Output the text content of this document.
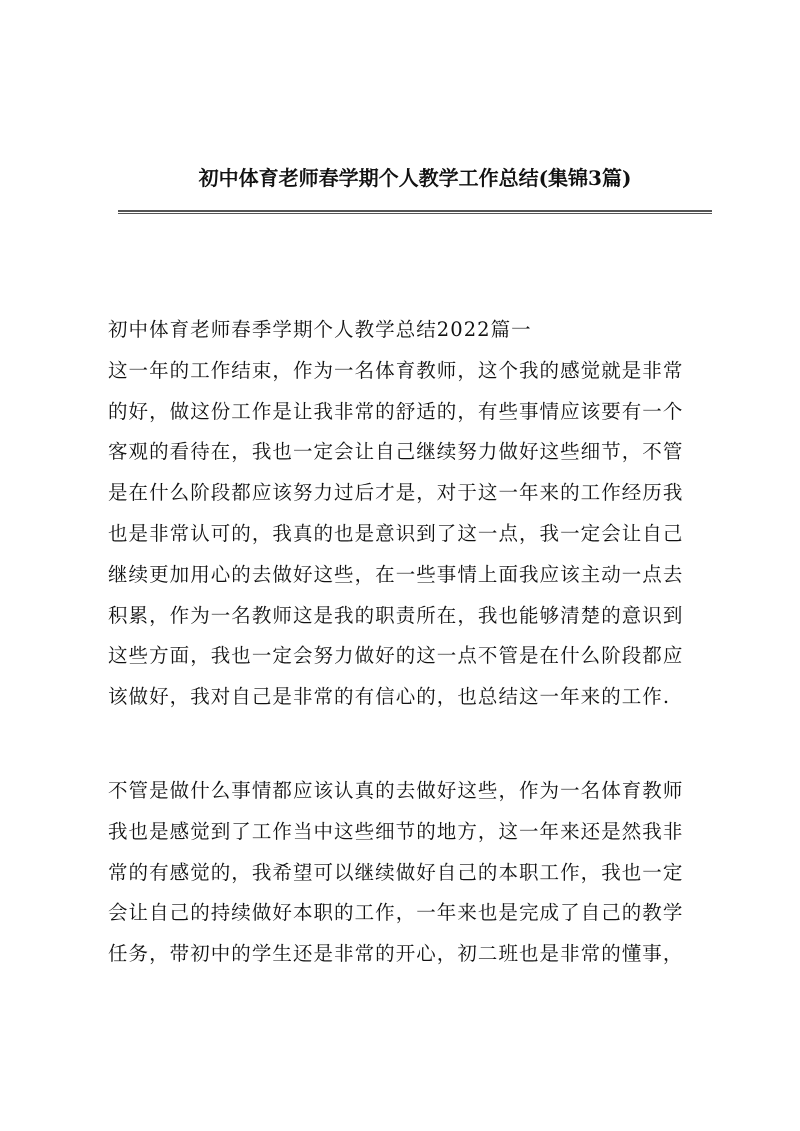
初中体育老师春学期个人教学工作总结(集锦3篇)
初中体育老师春季学期个人教学总结2022篇一
这一年的工作结束，作为一名体育教师，这个我的感觉就是非常
的好，做这份工作是让我非常的舒适的，有些事情应该要有一个
客观的看待在，我也一定会让自己继续努力做好这些细节，不管
是在什么阶段都应该努力过后才是，对于这一年来的工作经历我
也是非常认可的，我真的也是意识到了这一点，我一定会让自己
继续更加用心的去做好这些，在一些事情上面我应该主动一点去
积累，作为一名教师这是我的职责所在，我也能够清楚的意识到
这些方面，我也一定会努力做好的这一点不管是在什么阶段都应
该做好，我对自己是非常的有信心的，也总结这一年来的工作.
不管是做什么事情都应该认真的去做好这些，作为一名体育教师
我也是感觉到了工作当中这些细节的地方，这一年来还是然我非
常的有感觉的，我希望可以继续做好自己的本职工作，我也一定
会让自己的持续做好本职的工作，一年来也是完成了自己的教学
任务，带初中的学生还是非常的开心，初二班也是非常的懂事，
